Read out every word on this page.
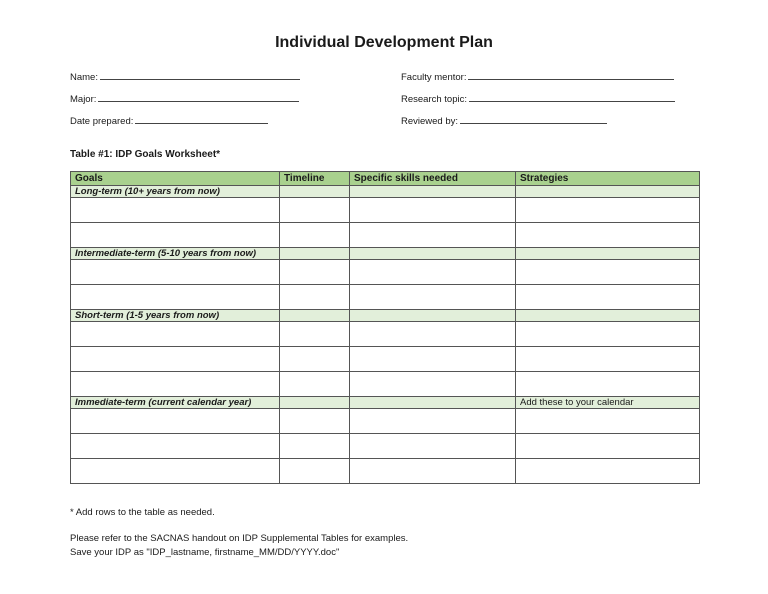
Individual Development Plan
Name:
Major:
Date prepared:
Faculty mentor:
Research topic:
Reviewed by:
Table #1: IDP Goals Worksheet*
Goals	Timeline	Specific skills needed	Strategies
Long-term (10+ years from now)			

Intermediate-term (5-10 years from now)			

Short-term (1-5 years from now)			

Immediate-term (current calendar year)			Add these to your calendar

* Add rows to the table as needed.
Please refer to the SACNAS handout on IDP Supplemental Tables for examples.
Save your IDP as "IDP_lastname, firstname_MM/DD/YYYY.doc"
